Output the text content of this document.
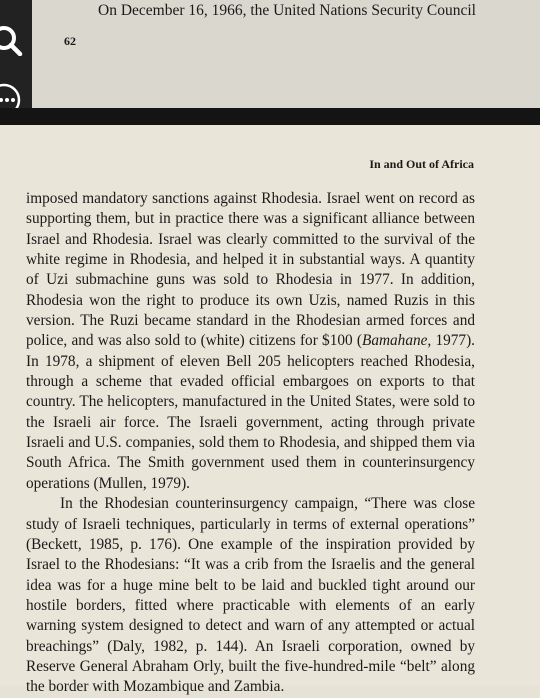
On December 16, 1966, the United Nations Security Council
62
In and Out of Africa

imposed mandatory sanctions against Rhodesia. Israel went on record as supporting them, but in practice there was a significant alliance between Israel and Rhodesia. Israel was clearly committed to the survival of the white regime in Rhodesia, and helped it in substantial ways. A quantity of Uzi submachine guns was sold to Rhodesia in 1977. In addition, Rhodesia won the right to produce its own Uzis, named Ruzis in this version. The Ruzi became standard in the Rhodesian armed forces and police, and was also sold to (white) citizens for $100 (Bamahane, 1977). In 1978, a shipment of eleven Bell 205 helicopters reached Rhodesia, through a scheme that evaded official embargoes on exports to that country. The helicopters, manufactured in the United States, were sold to the Israeli air force. The Israeli government, acting through private Israeli and U.S. companies, sold them to Rhodesia, and shipped them via South Africa. The Smith government used them in counterinsurgency operations (Mullen, 1979).

In the Rhodesian counterinsurgency campaign, “There was close study of Israeli techniques, particularly in terms of external operations” (Beckett, 1985, p. 176). One example of the inspiration provided by Israel to the Rhodesians: “It was a crib from the Israelis and the general idea was for a huge mine belt to be laid and buckled tight around our hostile borders, fitted where practicable with elements of an early warning system designed to detect and warn of any attempted or actual breachings” (Daly, 1982, p. 144). An Israeli corporation, owned by Reserve General Abraham Orly, built the five-hundred-mile “belt” along the border with Mozambique and Zambia.
